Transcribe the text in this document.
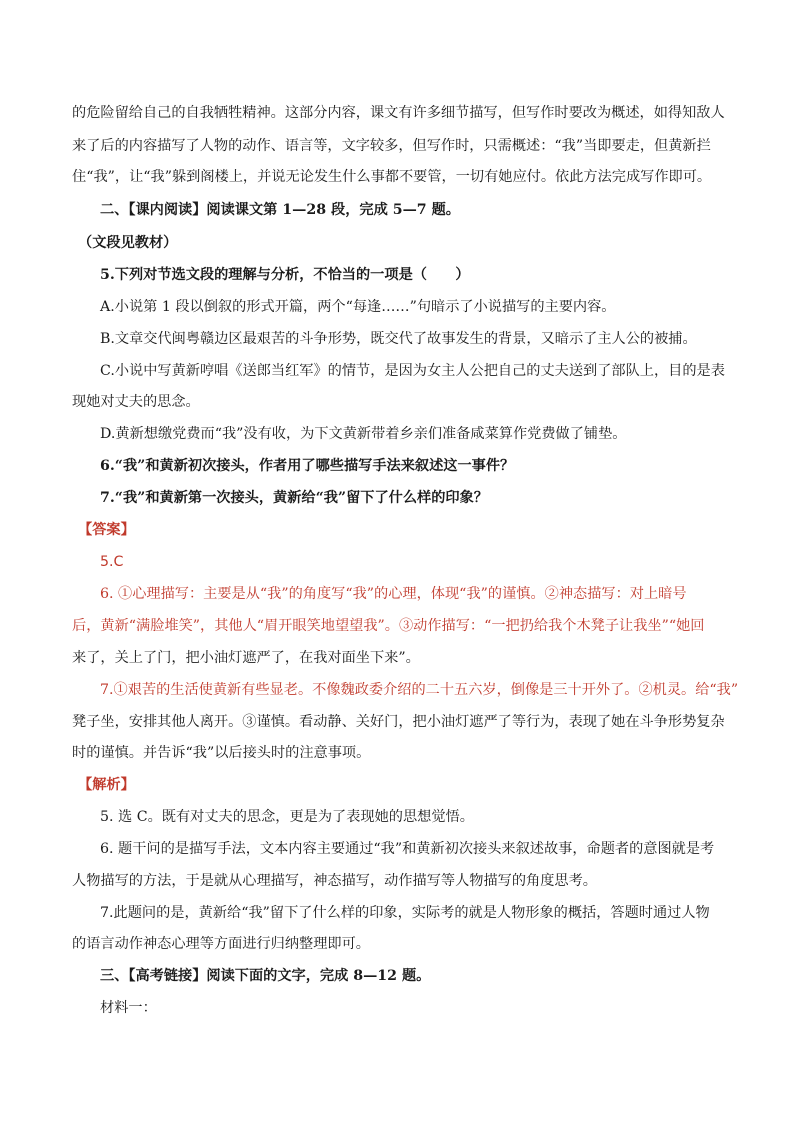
的危险留给自己的自我牺牲精神。这部分内容，课文有许多细节描写，但写作时要改为概述，如得知敌人
来了后的内容描写了人物的动作、语言等，文字较多，但写作时，只需概述：“我”当即要走，但黄新拦
住“我”，让“我”躲到阁楼上，并说无论发生什么事都不要管，一切有她应付。依此方法完成写作即可。
二、【课内阅读】阅读课文第 1—28 段，完成 5—7 题。
（文段见教材）
5.下列对节选文段的理解与分析，不恰当的一项是（　　）
A.小说第 1 段以倒叙的形式开篇，两个“每逢……”句暗示了小说描写的主要内容。
B.文章交代闽粤赣边区最艰苦的斗争形势，既交代了故事发生的背景，又暗示了主人公的被捕。
C.小说中写黄新哼唱《送郎当红军》的情节，是因为女主人公把自己的丈夫送到了部队上，目的是表
现她对丈夫的思念。
D.黄新想缴党费而“我”没有收，为下文黄新带着乡亲们准备咸菜算作党费做了铺垫。
6.“我”和黄新初次接头，作者用了哪些描写手法来叙述这一事件？
7.“我”和黄新第一次接头，黄新给“我”留下了什么样的印象？
【答案】
5.C
6. ①心理描写：主要是从“我”的角度写“我”的心理，体现“我”的谨慎。②神态描写：对上暗号
后，黄新“满脸堆笑”，其他人“眉开眼笑地望望我”。③动作描写：“一把扔给我个木凳子让我坐”“她回
来了，关上了门，把小油灯遮严了，在我对面坐下来”。
7.①艰苦的生活使黄新有些显老。不像魏政委介绍的二十五六岁，倒像是三十开外了。②机灵。给“我”
凳子坐，安排其他人离开。③谨慎。看动静、关好门，把小油灯遮严了等行为，表现了她在斗争形势复杂
时的谨慎。并告诉“我”以后接头时的注意事项。
【解析】
5. 选 C。既有对丈夫的思念，更是为了表现她的思想觉悟。
6. 题干问的是描写手法，文本内容主要通过“我”和黄新初次接头来叙述故事，命题者的意图就是考
人物描写的方法，于是就从心理描写，神态描写，动作描写等人物描写的角度思考。
7.此题问的是，黄新给“我”留下了什么样的印象，实际考的就是人物形象的概括，答题时通过人物
的语言动作神态心理等方面进行归纳整理即可。
三、【高考链接】阅读下面的文字，完成 8—12 题。
材料一：
